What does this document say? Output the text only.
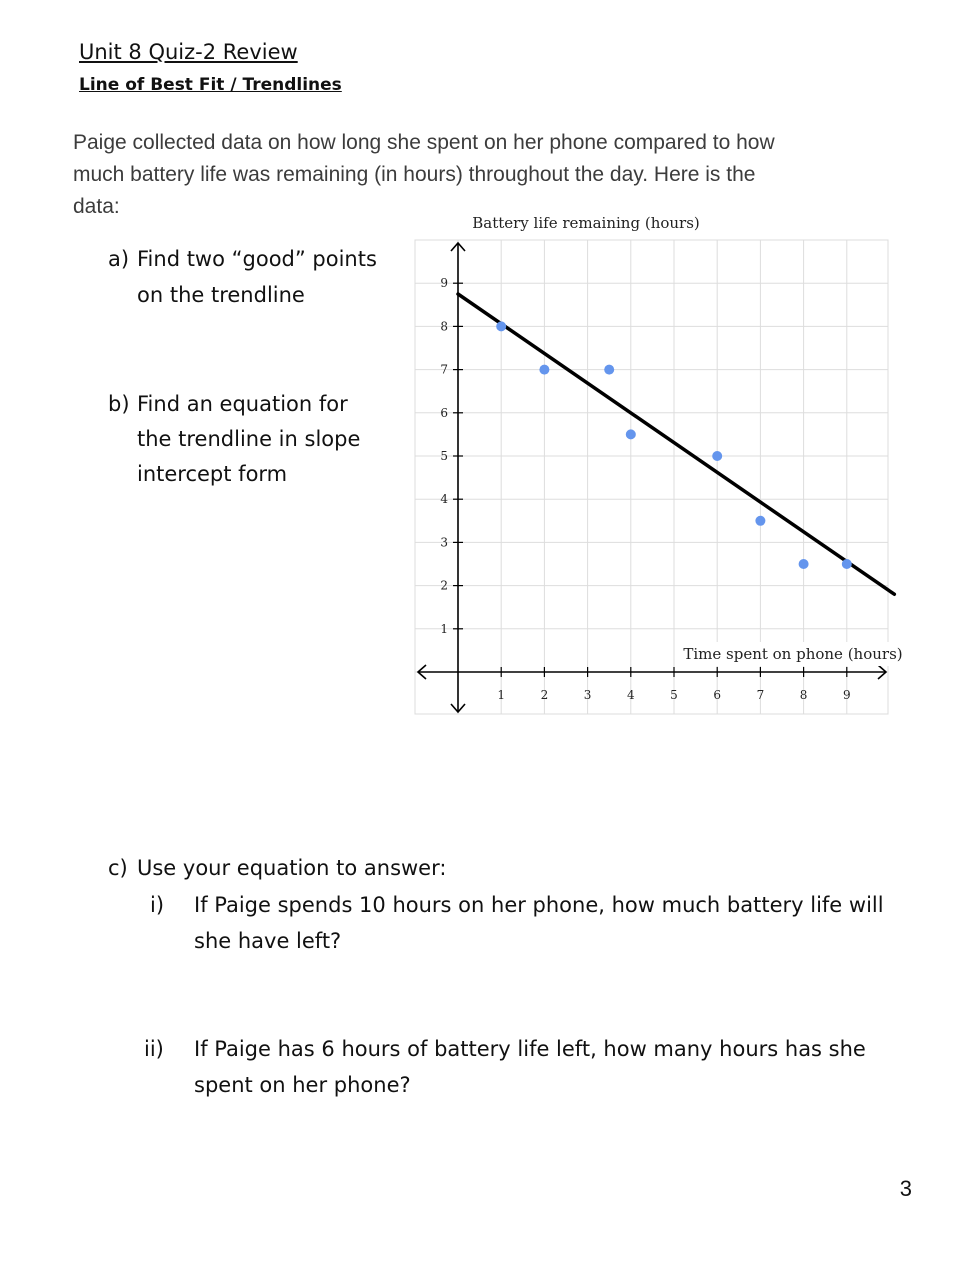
Unit 8 Quiz-2 Review
Line of Best Fit / Trendlines
Paige collected data on how long she spent on her phone compared to how
much battery life was remaining (in hours) throughout the day. Here is the
data:
a) Find two “good” points
on the trendline
b) Find an equation for
the trendline in slope
intercept form
Battery life remaining (hours)
1	2	3	4	5	6	7	8	9
1
2
3
4
5
6
7
8
9
Time spent on phone (hours)
c) Use your equation to answer:
i) If Paige spends 10 hours on her phone, how much battery life will
she have left?
ii) If Paige has 6 hours of battery life left, how many hours has she
spent on her phone?
3
